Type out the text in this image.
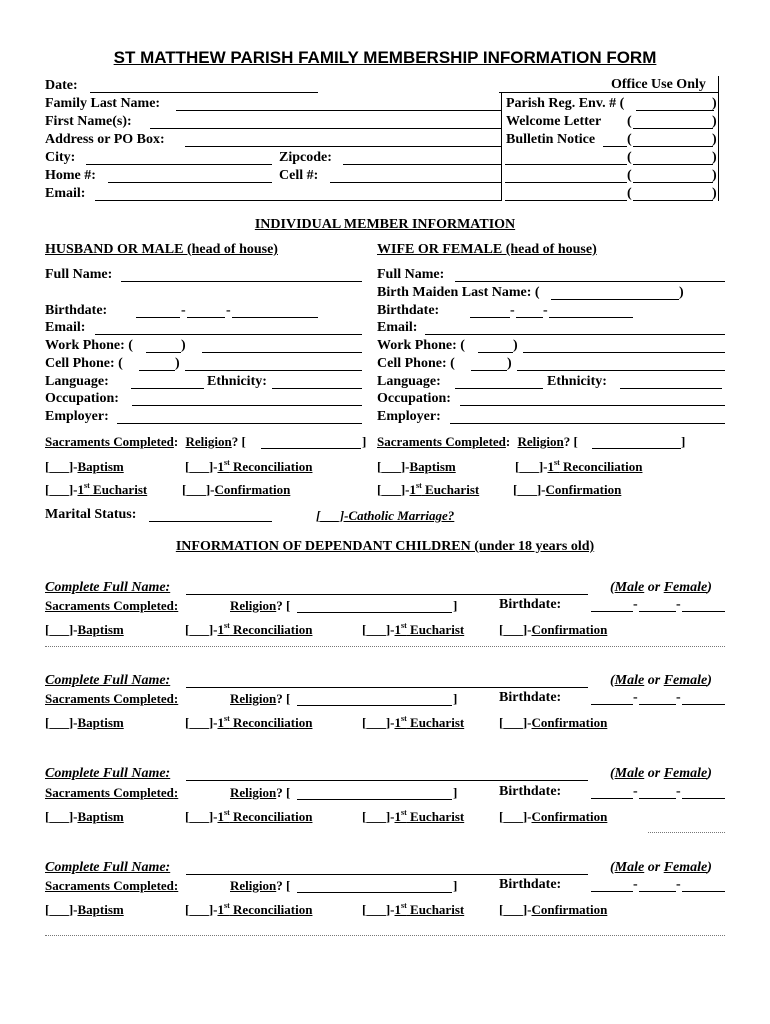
ST MATTHEW PARISH FAMILY MEMBERSHIP INFORMATION FORM
Date:
Family Last Name:
First Name(s):
Address or PO Box:
City:	Zipcode:
Home #:	Cell #:
Email:
Office Use Only
Parish Reg. Env. # (	)
Welcome Letter (	)
Bulletin Notice (	)
(	)
(	)
(	)
INDIVIDUAL MEMBER INFORMATION
HUSBAND OR MALE (head of house)
Full Name:
Birthdate:	-	-
Email:
Work Phone: (	)
Cell Phone: (	)
Language:	Ethnicity:
Occupation:
Employer:
Sacraments Completed: Religion? [	]
[___]-Baptism	[___]-1st Reconciliation
[___]-1st Eucharist	[___]-Confirmation
WIFE OR FEMALE (head of house)
Full Name:
Birth Maiden Last Name: (	)
Birthdate:	- -
Email:
Work Phone: (	)
Cell Phone: (	)
Language:	Ethnicity:
Occupation:
Employer:
Sacraments Completed: Religion? [	]
[___]-Baptism	[___]-1st Reconciliation
[___]-1st Eucharist	[___]-Confirmation
Marital Status:	[___]-Catholic Marriage?
INFORMATION OF DEPENDANT CHILDREN (under 18 years old)
Complete Full Name:	(Male or Female)
Sacraments Completed:	Religion? [	]	Birthdate:	-	-
[___]-Baptism	[___]-1st Reconciliation	[___]-1st Eucharist	[___]-Confirmation
Complete Full Name:	(Male or Female)
Sacraments Completed:	Religion? [	]	Birthdate:	-	-
[___]-Baptism	[___]-1st Reconciliation	[___]-1st Eucharist	[___]-Confirmation
Complete Full Name:	(Male or Female)
Sacraments Completed:	Religion? [	]	Birthdate:	-	-
[___]-Baptism	[___]-1st Reconciliation	[___]-1st Eucharist	[___]-Confirmation
Complete Full Name:	(Male or Female)
Sacraments Completed:	Religion? [	]	Birthdate:	-	-
[___]-Baptism	[___]-1st Reconciliation	[___]-1st Eucharist	[___]-Confirmation
